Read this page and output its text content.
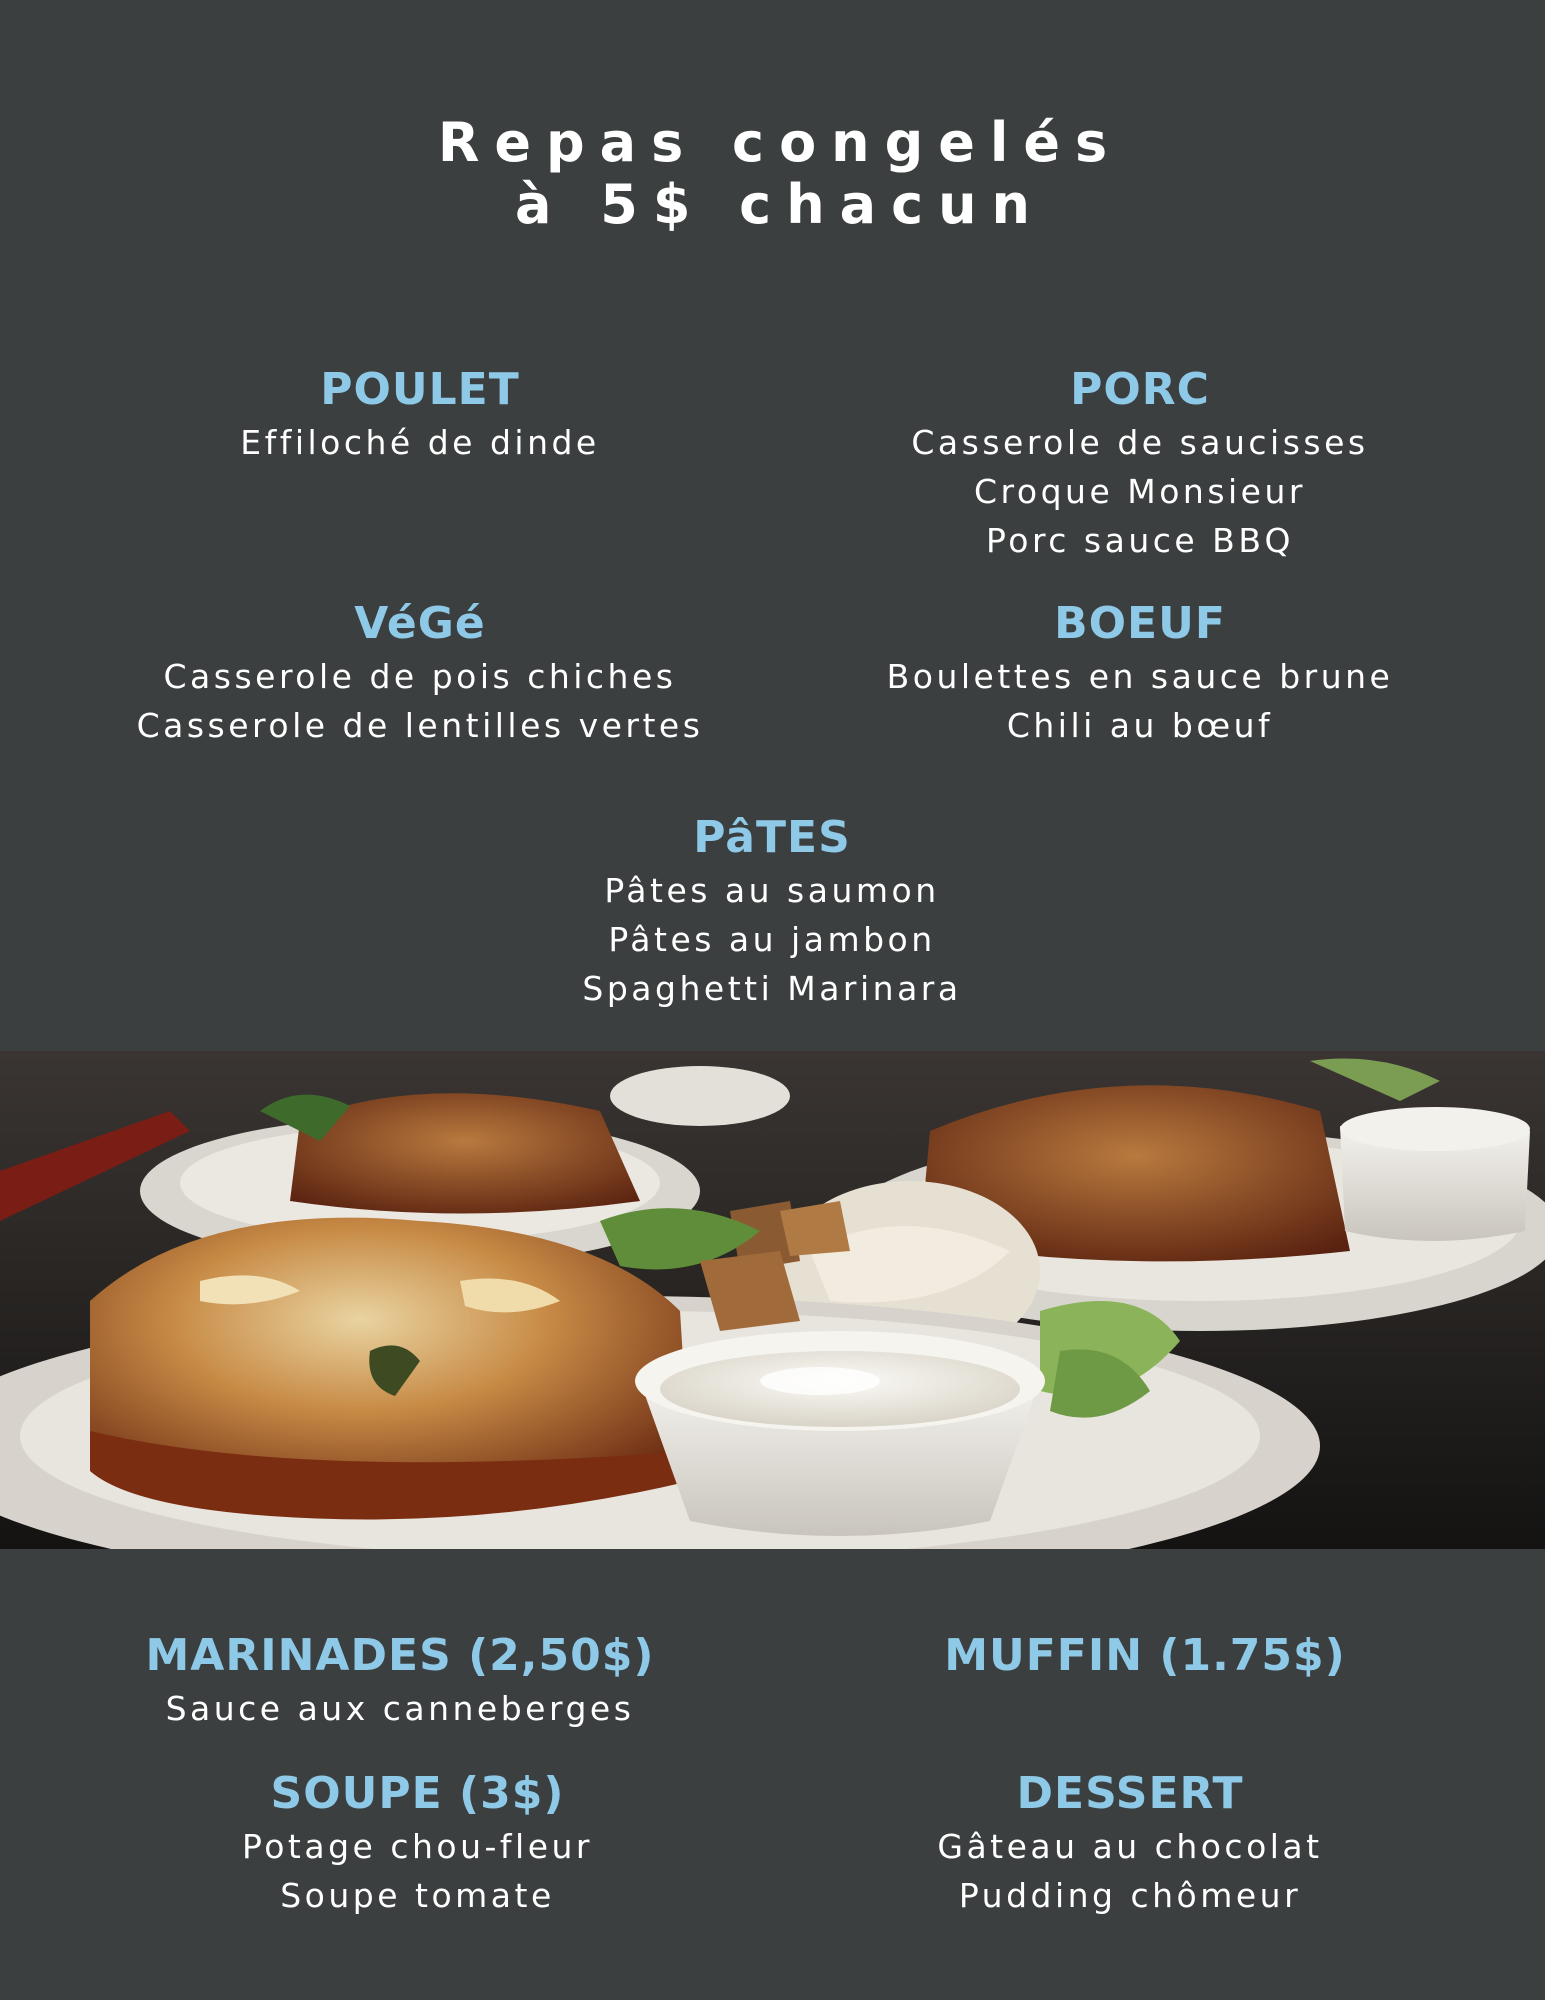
Repas congelés
à 5$ chacun
POULET
Effiloché de dinde
PORC
Casserole de saucisses
Croque Monsieur
Porc sauce BBQ
VéGé
Casserole de pois chiches
Casserole de lentilles vertes
BOEUF
Boulettes en sauce brune
Chili au bœuf
PâTES
Pâtes au saumon
Pâtes au jambon
Spaghetti Marinara
MARINADES (2,50$)
Sauce aux canneberges
MUFFIN (1.75$)
SOUPE (3$)
Potage chou-fleur
Soupe tomate
DESSERT
Gâteau au chocolat
Pudding chômeur
